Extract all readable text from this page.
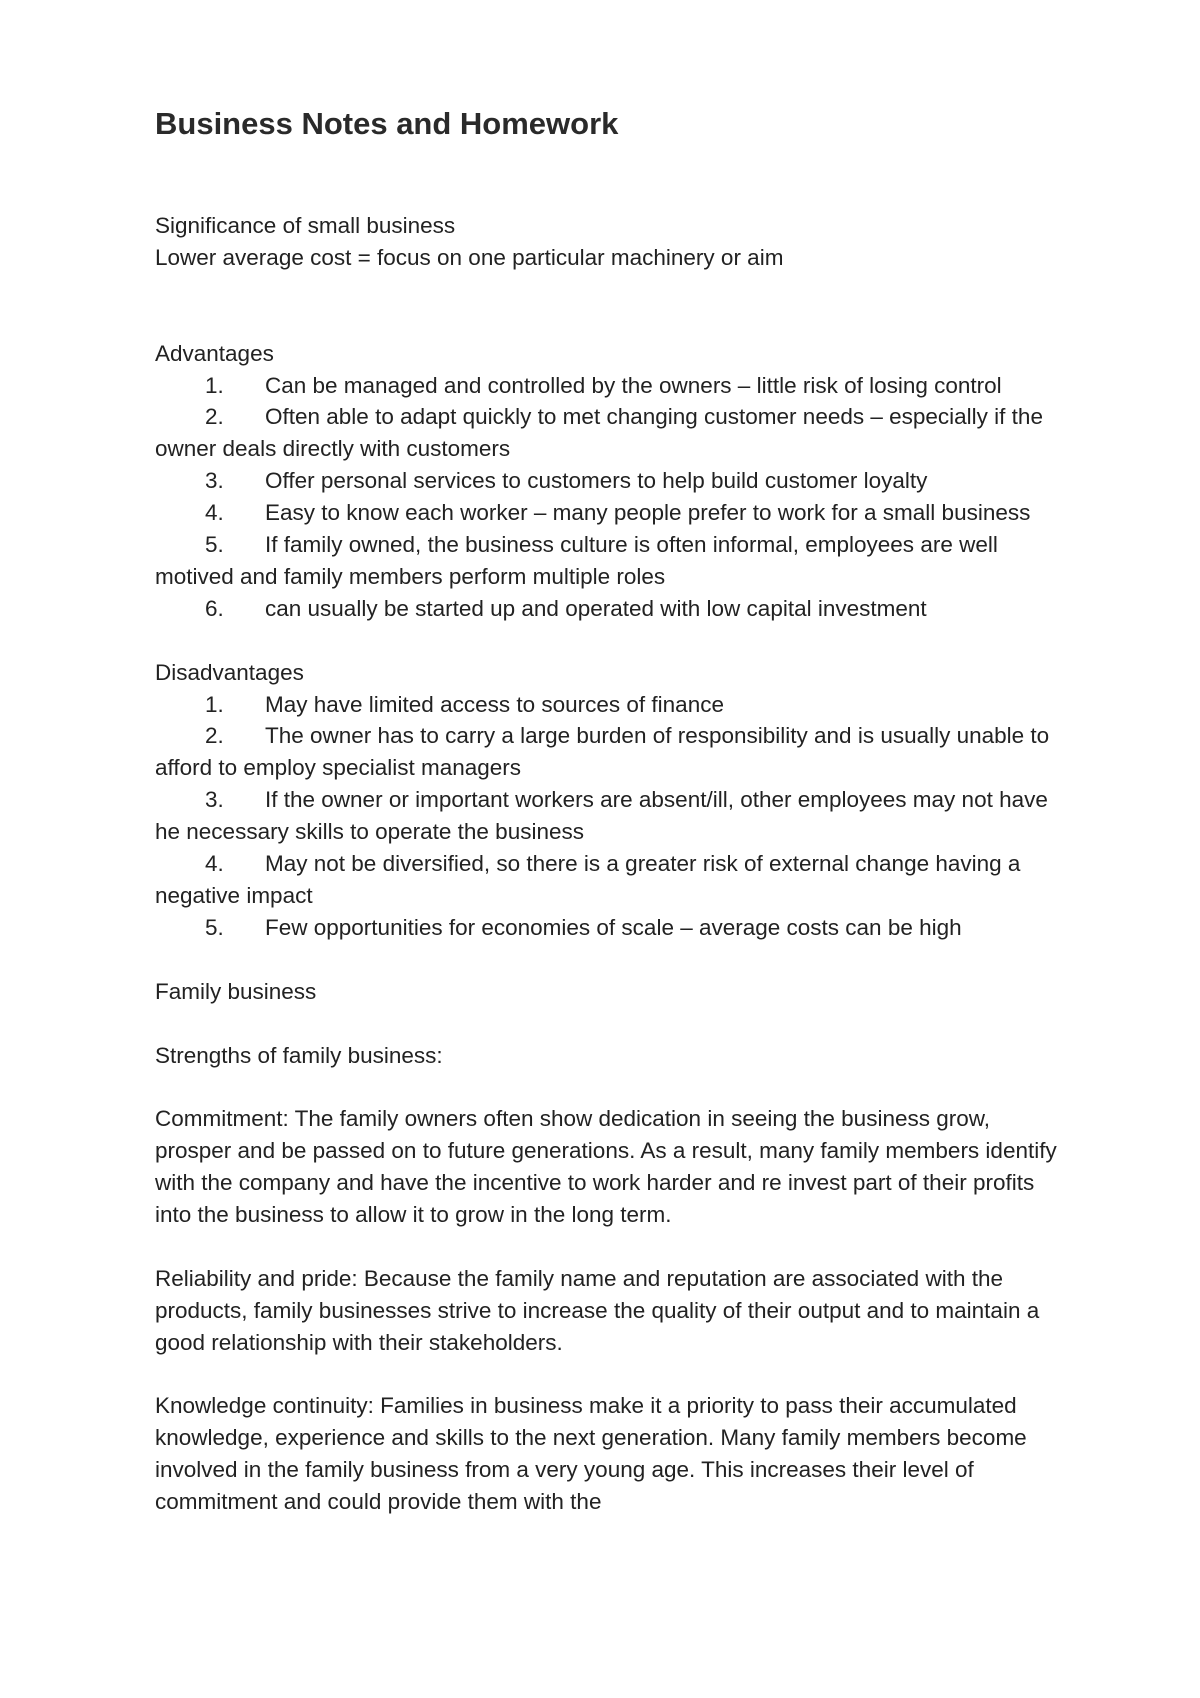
Business Notes and Homework

Significance of small business

Lower average cost = focus on one particular machinery or aim

Advantages

1. Can be managed and controlled by the owners – little risk of losing control
2. Often able to adapt quickly to met changing customer needs – especially if the owner deals directly with customers
3. Offer personal services to customers to help build customer loyalty
4. Easy to know each worker – many people prefer to work for a small business
5. If family owned, the business culture is often informal, employees are well motived and family members perform multiple roles
6. can usually be started up and operated with low capital investment

Disadvantages

1. May have limited access to sources of finance
2. The owner has to carry a large burden of responsibility and is usually unable to afford to employ specialist managers
3. If the owner or important workers are absent/ill, other employees may not have he necessary skills to operate the business
4. May not be diversified, so there is a greater risk of external change having a negative impact
5. Few opportunities for economies of scale – average costs can be high

Family business

Strengths of family business:

Commitment: The family owners often show dedication in seeing the business grow, prosper and be passed on to future generations. As a result, many family members identify with the company and have the incentive to work harder and re invest part of their profits into the business to allow it to grow in the long term.

Reliability and pride: Because the family name and reputation are associated with the products, family businesses strive to increase the quality of their output and to maintain a good relationship with their stakeholders.

Knowledge continuity: Families in business make it a priority to pass their accumulated knowledge, experience and skills to the next generation. Many family members become involved in the family business from a very young age. This increases their level of commitment and could provide them with the
